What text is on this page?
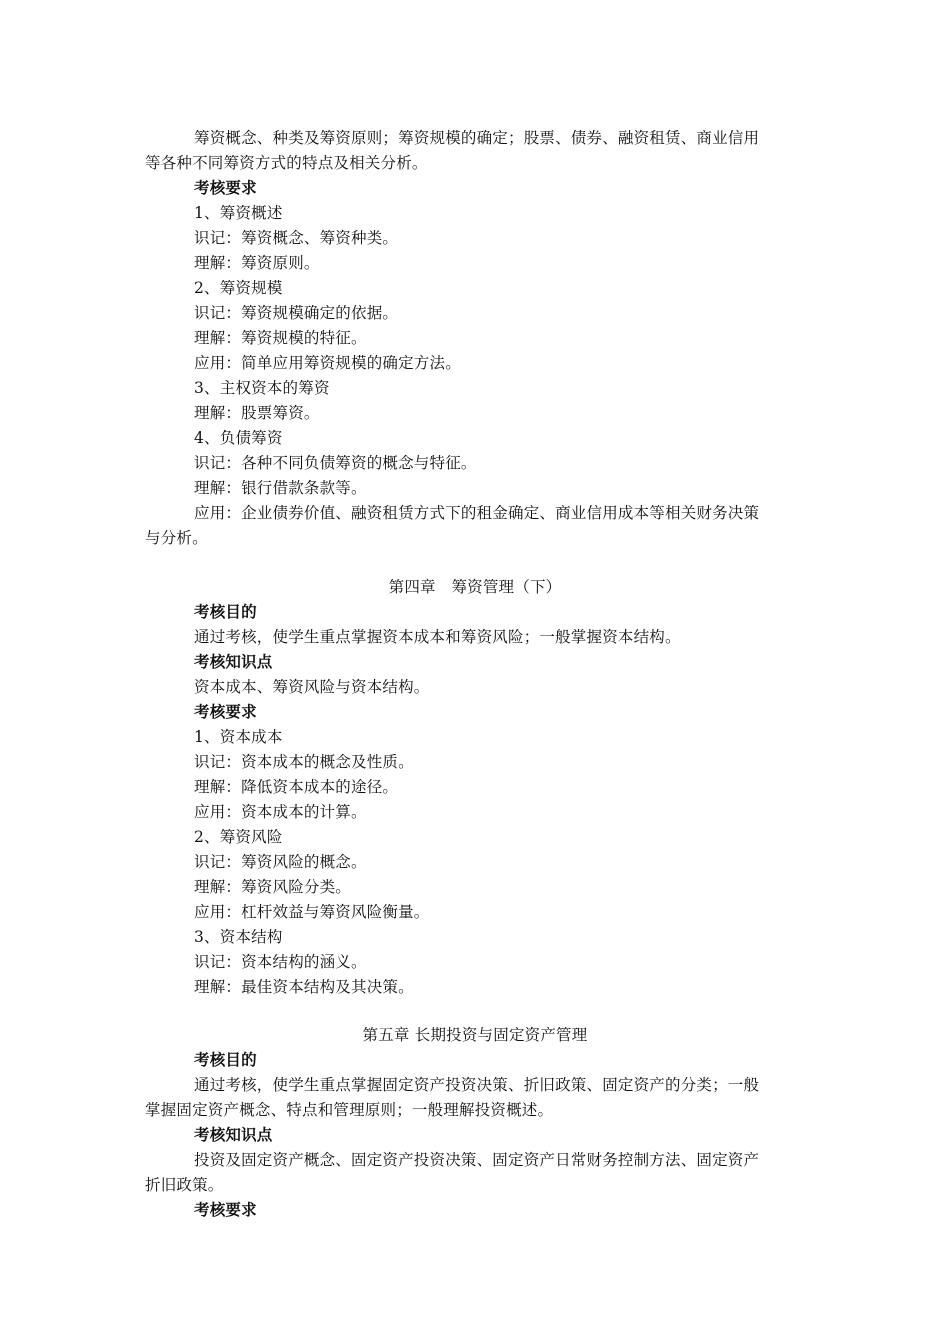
筹资概念、种类及筹资原则；筹资规模的确定；股票、债券、融资租赁、商业信用
等各种不同筹资方式的特点及相关分析。
考核要求
1、筹资概述
识记：筹资概念、筹资种类。
理解：筹资原则。
2、筹资规模
识记：筹资规模确定的依据。
理解：筹资规模的特征。
应用：简单应用筹资规模的确定方法。
3、主权资本的筹资
理解：股票筹资。
4、负债筹资
识记：各种不同负债筹资的概念与特征。
理解：银行借款条款等。
应用：企业债券价值、融资租赁方式下的租金确定、商业信用成本等相关财务决策
与分析。
第四章　筹资管理（下）
考核目的
通过考核，使学生重点掌握资本成本和筹资风险；一般掌握资本结构。
考核知识点
资本成本、筹资风险与资本结构。
考核要求
1、资本成本
识记：资本成本的概念及性质。
理解：降低资本成本的途径。
应用：资本成本的计算。
2、筹资风险
识记：筹资风险的概念。
理解：筹资风险分类。
应用：杠杆效益与筹资风险衡量。
3、资本结构
识记：资本结构的涵义。
理解：最佳资本结构及其决策。
第五章 长期投资与固定资产管理
考核目的
通过考核，使学生重点掌握固定资产投资决策、折旧政策、固定资产的分类；一般
掌握固定资产概念、特点和管理原则；一般理解投资概述。
考核知识点
投资及固定资产概念、固定资产投资决策、固定资产日常财务控制方法、固定资产
折旧政策。
考核要求
